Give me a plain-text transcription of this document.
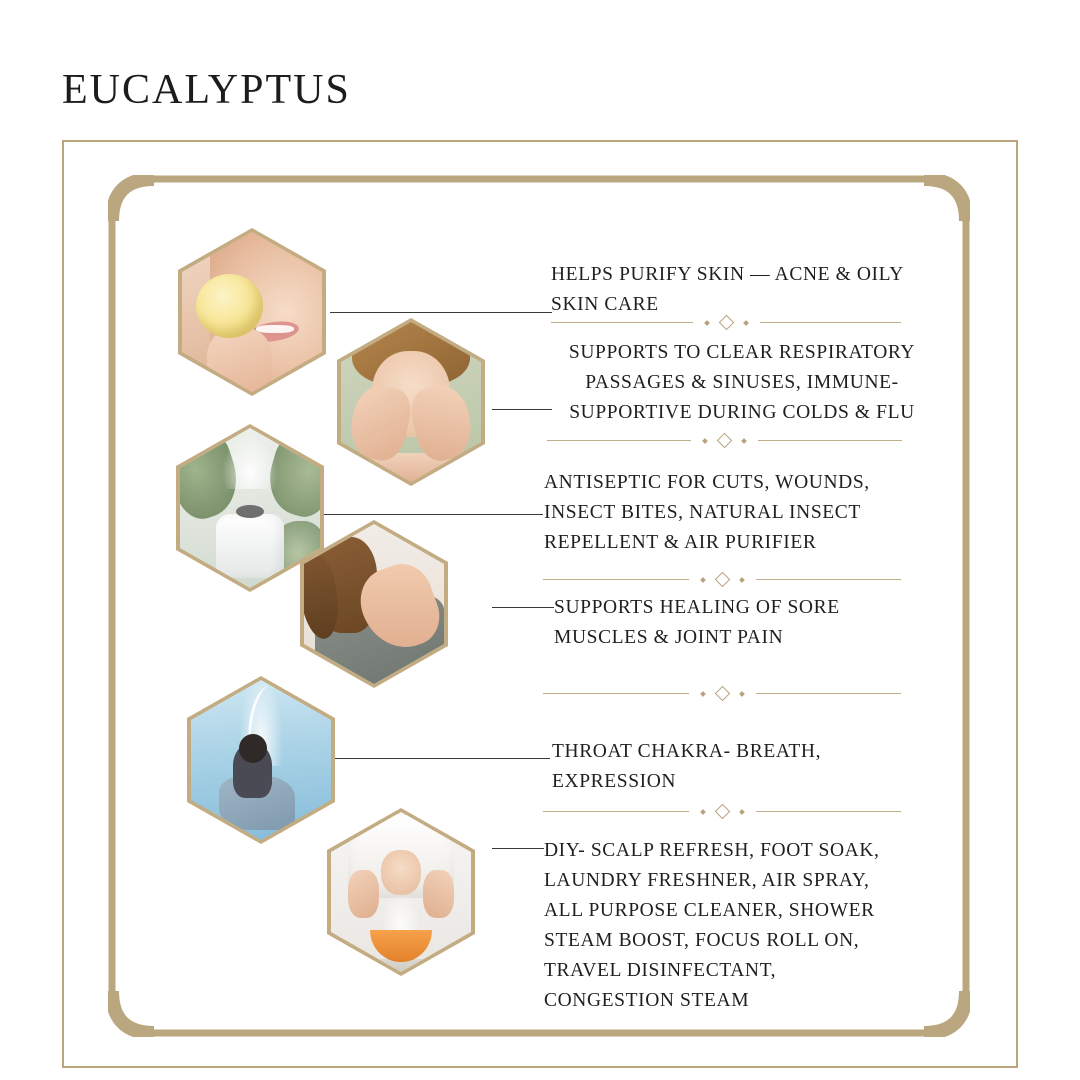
EUCALYPTUS
HELPS PURIFY SKIN — ACNE & OILY SKIN CARE
SUPPORTS TO CLEAR RESPIRATORY PASSAGES & SINUSES, IMMUNE-SUPPORTIVE DURING COLDS & FLU
ANTISEPTIC FOR CUTS, WOUNDS, INSECT BITES, NATURAL INSECT REPELLENT & AIR PURIFIER
SUPPORTS HEALING OF SORE MUSCLES & JOINT PAIN
THROAT CHAKRA- BREATH, EXPRESSION
DIY- SCALP REFRESH, FOOT SOAK, LAUNDRY FRESHNER, AIR SPRAY, ALL PURPOSE CLEANER, SHOWER STEAM BOOST, FOCUS ROLL ON, TRAVEL DISINFECTANT, CONGESTION STEAM
